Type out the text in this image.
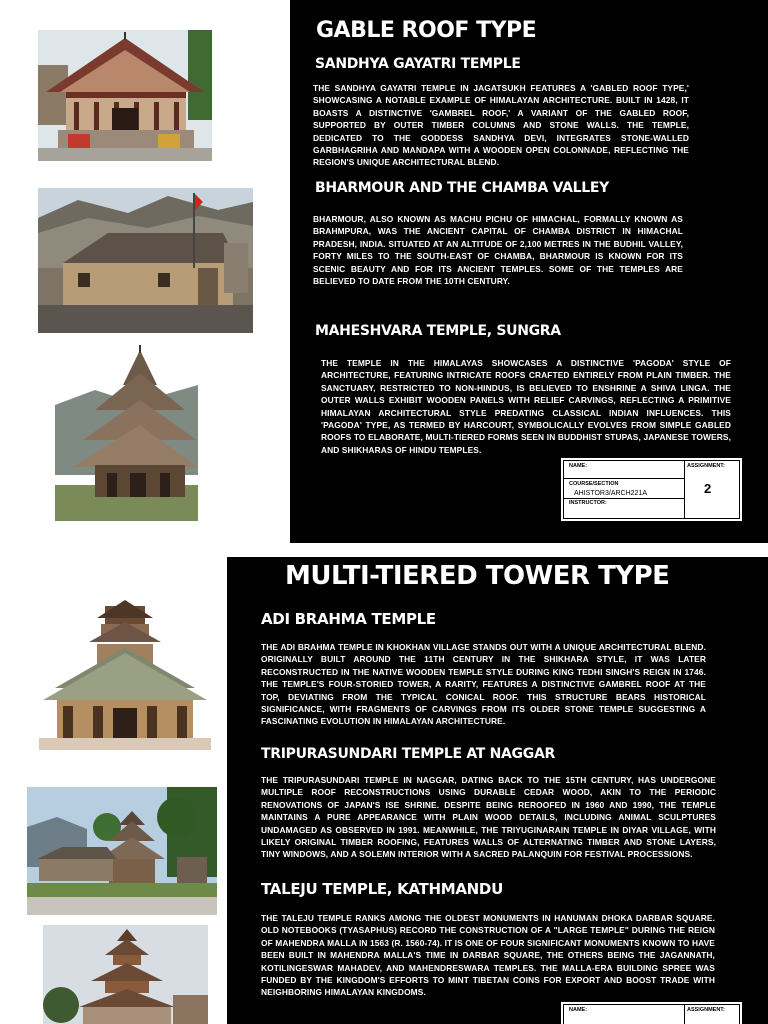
GABLE ROOF TYPE
SANDHYA GAYATRI TEMPLE
THE SANDHYA GAYATRI TEMPLE IN JAGATSUKH FEATURES A 'GABLED ROOF TYPE,' SHOWCASING A NOTABLE EXAMPLE OF HIMALAYAN ARCHITECTURE. BUILT IN 1428, IT BOASTS A DISTINCTIVE 'GAMBREL ROOF,' A VARIANT OF THE GABLED ROOF, SUPPORTED BY OUTER TIMBER COLUMNS AND STONE WALLS. THE TEMPLE, DEDICATED TO THE GODDESS SANDHYA DEVI, INTEGRATES STONE-WALLED GARBHAGRIHA AND MANDAPA WITH A WOODEN OPEN COLONNADE, REFLECTING THE REGION'S UNIQUE ARCHITECTURAL BLEND.
BHARMOUR AND THE CHAMBA VALLEY
BHARMOUR, ALSO KNOWN AS MACHU PICHU OF HIMACHAL, FORMALLY KNOWN AS BRAHMPURA, WAS THE ANCIENT CAPITAL OF CHAMBA DISTRICT IN HIMACHAL PRADESH, INDIA. SITUATED AT AN ALTITUDE OF 2,100 METRES IN THE BUDHIL VALLEY, FORTY MILES TO THE SOUTH-EAST OF CHAMBA, BHARMOUR IS KNOWN FOR ITS SCENIC BEAUTY AND FOR ITS ANCIENT TEMPLES. SOME OF THE TEMPLES ARE BELIEVED TO DATE FROM THE 10TH CENTURY.
MAHESHVARA TEMPLE, SUNGRA
THE TEMPLE IN THE HIMALAYAS SHOWCASES A DISTINCTIVE 'PAGODA' STYLE OF ARCHITECTURE, FEATURING INTRICATE ROOFS CRAFTED ENTIRELY FROM PLAIN TIMBER. THE SANCTUARY, RESTRICTED TO NON-HINDUS, IS BELIEVED TO ENSHRINE A SHIVA LINGA. THE OUTER WALLS EXHIBIT WOODEN PANELS WITH RELIEF CARVINGS, REFLECTING A PRIMITIVE HIMALAYAN ARCHITECTURAL STYLE PREDATING CLASSICAL INDIAN INFLUENCES. THIS 'PAGODA' TYPE, AS TERMED BY HARCOURT, SYMBOLICALLY EVOLVES FROM SIMPLE GABLED ROOFS TO ELABORATE, MULTI-TIERED FORMS SEEN IN BUDDHIST STUPAS, JAPANESE TOWERS, AND SHIKHARAS OF HINDU TEMPLES.
NAME:
COURSE/SECTION
AHISTOR3/ARCH221A
INSTRUCTOR:
ASSIGNMENT:
2
MULTI-TIERED TOWER TYPE
ADI BRAHMA TEMPLE
THE ADI BRAHMA TEMPLE IN KHOKHAN VILLAGE STANDS OUT WITH A UNIQUE ARCHITECTURAL BLEND. ORIGINALLY BUILT AROUND THE 11TH CENTURY IN THE SHIKHARA STYLE, IT WAS LATER RECONSTRUCTED IN THE NATIVE WOODEN TEMPLE STYLE DURING KING TEDHI SINGH'S REIGN IN 1746. THE TEMPLE'S FOUR-STORIED TOWER, A RARITY, FEATURES A DISTINCTIVE GAMBREL ROOF AT THE TOP, DEVIATING FROM THE TYPICAL CONICAL ROOF. THIS STRUCTURE BEARS HISTORICAL SIGNIFICANCE, WITH FRAGMENTS OF CARVINGS FROM ITS OLDER STONE TEMPLE SUGGESTING A FASCINATING EVOLUTION IN HIMALAYAN ARCHITECTURE.
TRIPURASUNDARI TEMPLE AT NAGGAR
THE TRIPURASUNDARI TEMPLE IN NAGGAR, DATING BACK TO THE 15TH CENTURY, HAS UNDERGONE MULTIPLE ROOF RECONSTRUCTIONS USING DURABLE CEDAR WOOD, AKIN TO THE PERIODIC RENOVATIONS OF JAPAN'S ISE SHRINE. DESPITE BEING REROOFED IN 1960 AND 1990, THE TEMPLE MAINTAINS A PURE APPEARANCE WITH PLAIN WOOD DETAILS, INCLUDING ANIMAL SCULPTURES UNDAMAGED AS OBSERVED IN 1991. MEANWHILE, THE TRIYUGINARAIN TEMPLE IN DIYAR VILLAGE, WITH LIKELY ORIGINAL TIMBER ROOFING, FEATURES WALLS OF ALTERNATING TIMBER AND STONE LAYERS, TINY WINDOWS, AND A SOLEMN INTERIOR WITH A SACRED PALANQUIN FOR FESTIVAL PROCESSIONS.
TALEJU TEMPLE, KATHMANDU
THE TALEJU TEMPLE RANKS AMONG THE OLDEST MONUMENTS IN HANUMAN DHOKA DARBAR SQUARE. OLD NOTEBOOKS (TYASAPHUS) RECORD THE CONSTRUCTION OF A "LARGE TEMPLE" DURING THE REIGN OF MAHENDRA MALLA IN 1563 (R. 1560-74). IT IS ONE OF FOUR SIGNIFICANT MONUMENTS KNOWN TO HAVE BEEN BUILT IN MAHENDRA MALLA'S TIME IN DARBAR SQUARE, THE OTHERS BEING THE JAGANNATH, KOTILINGESWAR MAHADEV, AND MAHENDRESWARA TEMPLES. THE MALLA-ERA BUILDING SPREE WAS FUNDED BY THE KINGDOM'S EFFORTS TO MINT TIBETAN COINS FOR EXPORT AND BOOST TRADE WITH NEIGHBORING HIMALAYAN KINGDOMS.
NAME:	ASSIGNMENT:
